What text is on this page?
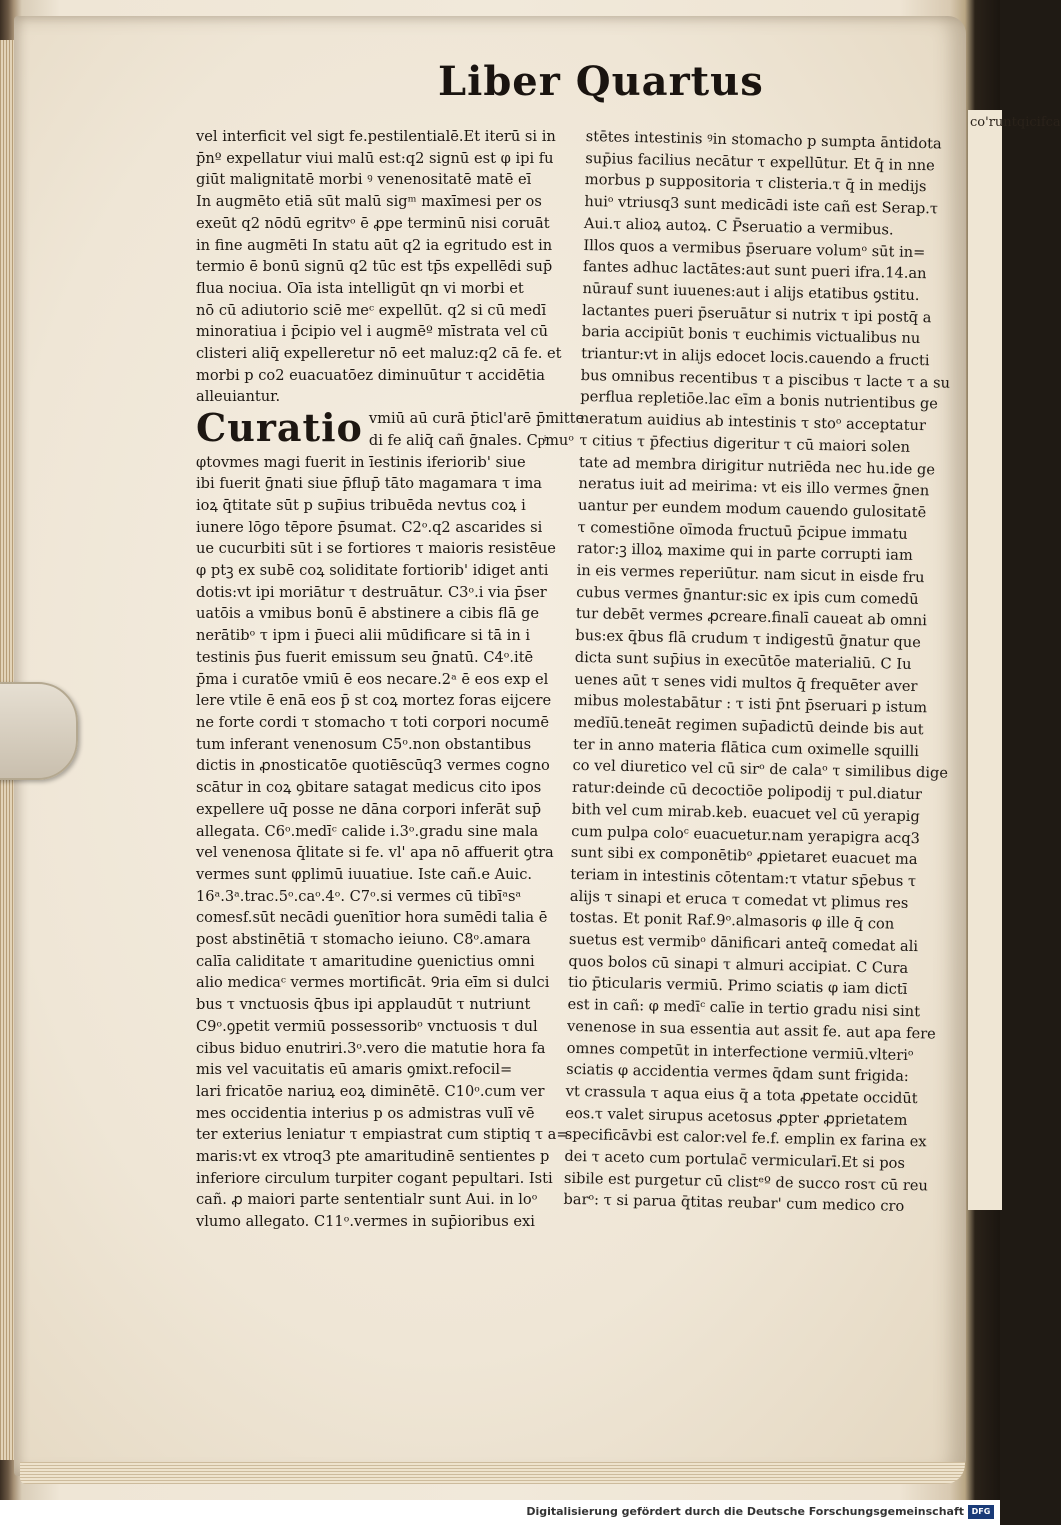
co'runtqicifca
Liber Quartus
vel interficit vel sigt fe.pestilentialē.Et iterū si in
p̄nº expellatur viui malū est:q2 signū est φ ipi fu
giūt malignitatē morbi ꝰ venenositatē matē eī
In augmēto etiā sūt malū sigᵐ maxīmesi per os
exeūt q2 nōdū egritvᵒ ē ꝓpe terminū nisi coruāt
in fine augmēti In statu aūt q2 ia egritudo est in
termio ē bonū signū q2 tūc est tp̄s expellēdi sup̄
flua nociua. Oīa ista intelligūt qn vi morbi et
nō cū adiutorio sciē meᶜ expellūt. q2 si cū medī
minoratiua i p̄cipio vel i augmēº mīstrata vel cū
clisteri aliq̄ expelleretur nō eet maluz:q2 cā fe. et
morbi p co2 euacuatōez diminuūtur τ accidētia
alleuiantur.
Curatio vmiū aū curā p̄ticl'arē p̄mitte
di fe aliq̄ cañ ḡnales. Cpͥmuᵒ
φtovmes magi fuerit in īestinis iferiorib' siue
ibi fuerit ḡnati siue p̄flup̄ tāto magamara τ ima
ioꝝ q̄titate sūt p sup̄ius tribuēda nevtus coꝝ i
iunere lōgo tēpore p̄sumat. C2ᵒ.q2 ascarides si
ue cucurbiti sūt i se fortiores τ maioris resistēue
φ ptꝫ ex subē coꝝ soliditate fortiorib' idiget anti
dotis:vt ipi moriātur τ destruātur. C3ᵒ.i via p̄ser
uatōis a vmibus bonū ē abstinere a cibis flā ge
nerātibᵒ τ ipm i p̄ueci alii mūdificare si tā in i
testinis p̄us fuerit emissum seu ḡnatū. C4ᵒ.itē
p̄ma i curatōe vmiū ē eos necare.2ᵃ ē eos exp el
lere vtile ē enā eos p̄ st coꝝ mortez foras eijcere
ne forte cordi τ stomacho τ toti corpori nocumē
tum inferant venenosum C5ᵒ.non obstantibus
dictis in ꝓnosticatōe quotiēscūq3 vermes cogno
scātur in coꝝ ꝯbitare satagat medicus cito ipos
expellere uq̄ posse ne dāna corpori inferāt sup̄
allegata. C6ᵒ.medīᶜ calide i.3ᵒ.gradu sine mala
vel venenosa q̄litate si fe. vl' apa nō affuerit ꝯtra
vermes sunt φplimū iuuatiue. Iste cañ.e Auic.
16ᵃ.3ᵃ.trac.5ᵒ.caᵒ.4ᵒ. C7ᵒ.si vermes cū tibīᵃsᵃ
comesf.sūt necādi ꝯuenītior hora sumēdi talia ē
post abstinētiā τ stomacho ieiuno. C8ᵒ.amara
calīa caliditate τ amaritudine ꝯuenictius omni
alio medicaᶜ vermes mortificāt. Ꝯria eīm si dulci
bus τ vnctuosis q̄bus ipi applaudūt τ nutriunt
C9ᵒ.ꝯpetit vermiū possessoribᵒ vnctuosis τ dul
cibus biduo enutriri.3ᵒ.vero die matutie hora fa
mis vel vacuitatis eū amaris ꝯmixt.refocil=
lari fricatōe nariuꝝ eoꝝ diminētē. C10ᵒ.cum ver
mes occidentia interius p os admistras vulī vē
ter exterius leniatur τ empiastrat cum stiptiq τ a=
maris:vt ex vtroq3 pte amaritudinē sentientes p
inferiore circulum turpiter cogant pepultari. Isti
cañ. ꝓ maiori parte sententialr sunt Aui. in loᵒ
vlumo allegato. C11ᵒ.vermes in sup̄ioribus exi
stētes intestinis ꝰin stomacho p sumpta āntidota
sup̄ius facilius necātur τ expellūtur. Et q̄ in nne
morbus p suppositoria τ clisteria.τ q̄ in medijs
huiᵒ vtriusq3 sunt medicādi iste cañ est Serap.τ
Aui.τ alioꝝ autoꝝ. C P̄seruatio a vermibus.
Illos quos a vermibus p̄seruare volumᵒ sūt in=
fantes adhuc lactātes:aut sunt pueri ifra.14.an
nūrauf sunt iuuenes:aut i alijs etatibus ꝯstitu.
lactantes pueri p̄seruātur si nutrix τ ipi postq̄ a
baria accipiūt bonis τ euchimis victualibus nu
triantur:vt in alijs edocet locis.cauendo a fructi
bus omnibus recentibus τ a piscibus τ lacte τ a su
perflua repletiōe.lac eīm a bonis nutrientibus ge
neratum auidius ab intestinis τ stoᵒ acceptatur
τ citius τ p̄fectius digeritur τ cū maiori solen
tate ad membra dirigitur nutriēda nec hu.ide ge
neratus iuit ad meirima: vt eis illo vermes ḡnen
uantur per eundem modum cauendo gulositatē
τ comestiōne oīmoda fructuū p̄cipue immatu
rator:ꝫ illoꝝ maxime qui in parte corrupti iam
in eis vermes reperiūtur. nam sicut in eisde fru
cubus vermes ḡnantur:sic ex ipis cum comedū
tur debēt vermes ꝓcreare.finalī caueat ab omni
bus:ex q̄bus flā crudum τ indigestū ḡnatur que
dicta sunt sup̄ius in execūtōe materialiū. C Iu
uenes aūt τ senes vidi multos q̄ frequēter aver
mibus molestabātur : τ isti p̄nt p̄seruari p istum
medīū.teneāt regimen sup̄adictū deinde bis aut
ter in anno materia flātica cum oximelle squilli
co vel diuretico vel cū sirᵒ de calaᵒ τ similibus dige
ratur:deinde cū decoctiōe polipodij τ pul.diatur
bith vel cum mirab.keb. euacuet vel cū yerapig
cum pulpa coloᶜ euacuetur.nam yerapigra acq3
sunt sibi ex componētibᵒ ꝓpietaret euacuet ma
teriam in intestinis cōtentam:τ vtatur sp̄ebus τ
alijs τ sinapi et eruca τ comedat vt plimus res
tostas. Et ponit Raf.9ᵒ.almasoris φ ille q̄ con
suetus est vermibᵒ dānificari anteq̄ comedat ali
quos bolos cū sinapi τ almuri accipiat. C Cura
tio p̄ticularis vermiū. Primo sciatis φ iam dictī
est in cañ: φ medīᶜ calīe in tertio gradu nisi sint
venenose in sua essentia aut assit fe. aut apa fere
omnes competūt in interfectione vermiū.vlteriᵒ
sciatis φ accidentia vermes q̄dam sunt frigida:
vt crassula τ aqua eius q̄ a tota ꝓpetate occidūt
eos.τ valet sirupus acetosus ꝓpter ꝓprietatem
specificāvbi est calor:vel fe.f. emplin ex farina ex
dei τ aceto cum portulac̄ vermicularī.Et si pos
sibile est purgetur cū clistᵉº de succo rosτ cū reu
barᵒ: τ si parua q̄titas reubar' cum medico cro
Digitalisierung gefördert durch die Deutsche Forschungsgemeinschaft DFG
